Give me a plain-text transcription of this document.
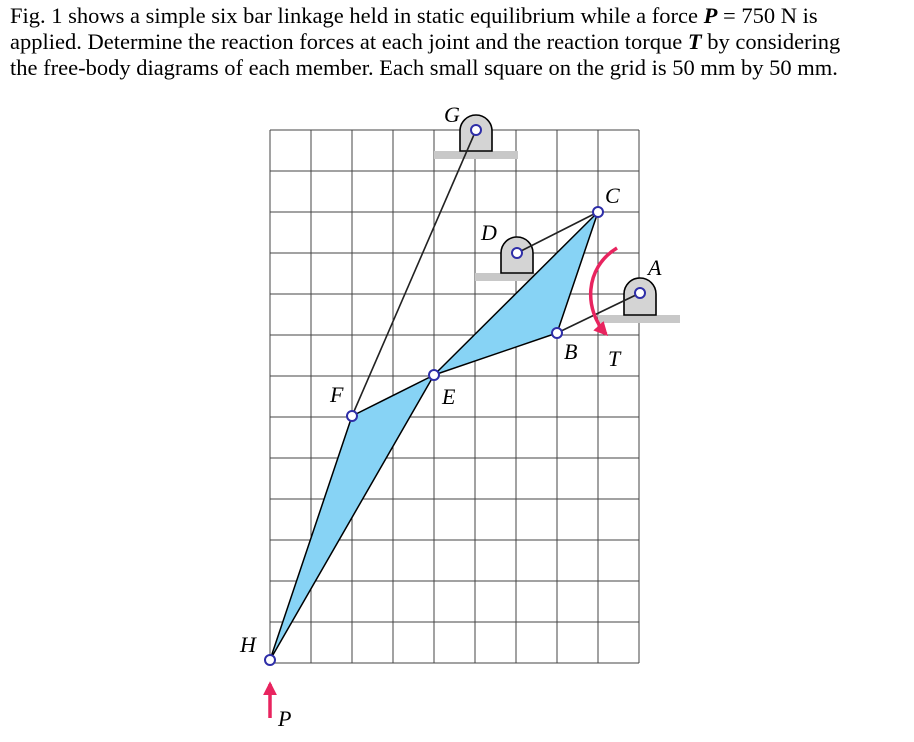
Fig. 1 shows a simple six bar linkage held in static equilibrium while a force P = 750 N is
applied. Determine the reaction forces at each joint and the reaction torque T by considering
the free-body diagrams of each member. Each small square on the grid is 50 mm by 50 mm.
G
D
C
A
B T
F	E
H
P
